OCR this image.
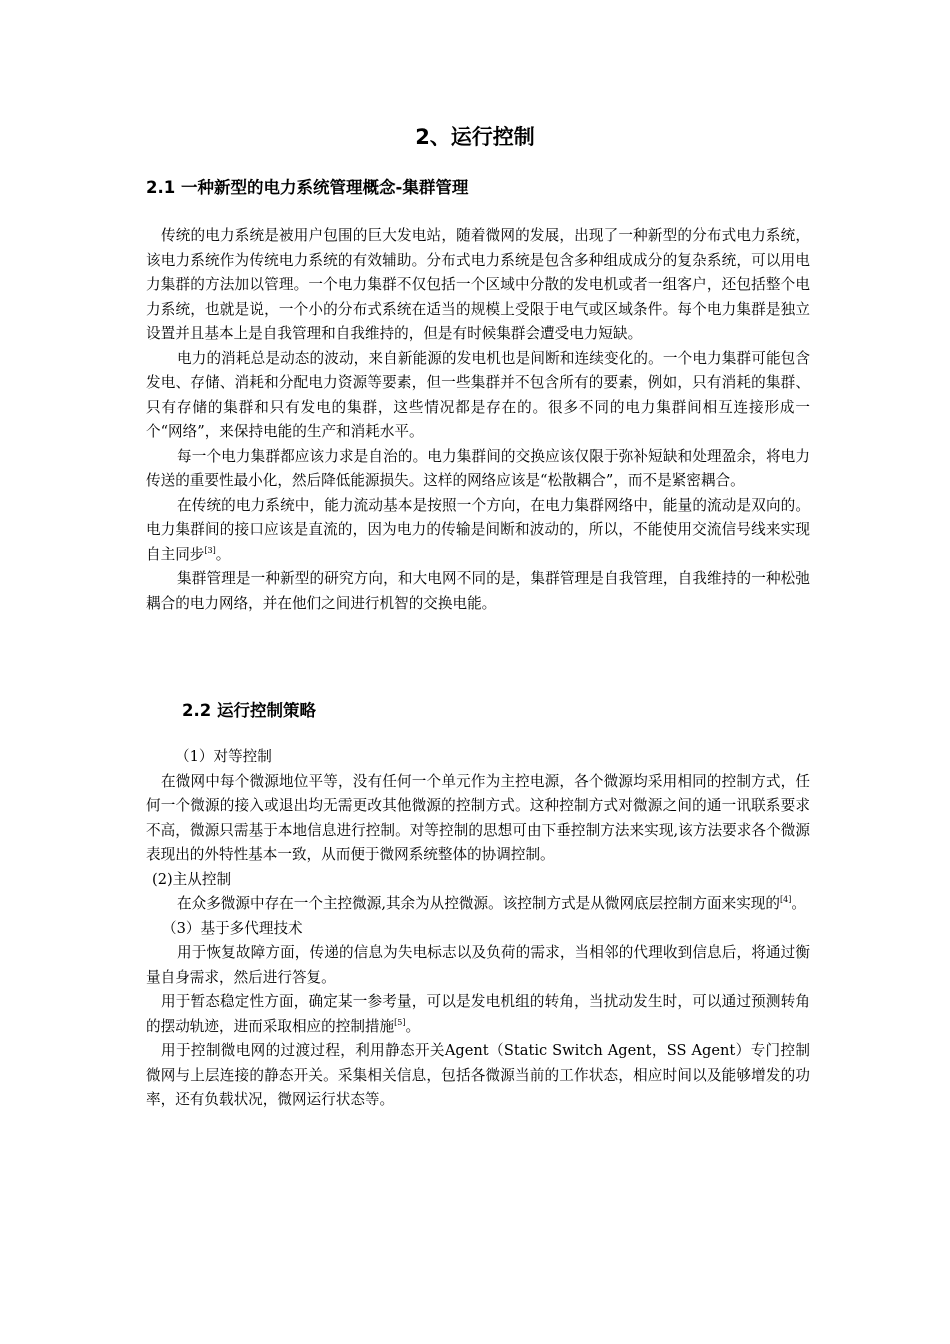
2、运行控制
2.1 一种新型的电力系统管理概念-集群管理

传统的电力系统是被用户包围的巨大发电站，随着微网的发展，出现了一种新型的分布式电力系统，该电力系统作为传统电力系统的有效辅助。分布式电力系统是包含多种组成成分的复杂系统，可以用电力集群的方法加以管理。一个电力集群不仅包括一个区域中分散的发电机或者一组客户，还包括整个电力系统，也就是说，一个小的分布式系统在适当的规模上受限于电气或区域条件。每个电力集群是独立设置并且基本上是自我管理和自我维持的，但是有时候集群会遭受电力短缺。

电力的消耗总是动态的波动，来自新能源的发电机也是间断和连续变化的。一个电力集群可能包含发电、存储、消耗和分配电力资源等要素，但一些集群并不包含所有的要素，例如，只有消耗的集群、只有存储的集群和只有发电的集群，这些情况都是存在的。很多不同的电力集群间相互连接形成一个“网络”，来保持电能的生产和消耗水平。

每一个电力集群都应该力求是自治的。电力集群间的交换应该仅限于弥补短缺和处理盈余，将电力传送的重要性最小化，然后降低能源损失。这样的网络应该是“松散耦合”，而不是紧密耦合。

在传统的电力系统中，能力流动基本是按照一个方向，在电力集群网络中，能量的流动是双向的。电力集群间的接口应该是直流的，因为电力的传输是间断和波动的，所以，不能使用交流信号线来实现自主同步[3]。

集群管理是一种新型的研究方向，和大电网不同的是，集群管理是自我管理，自我维持的一种松弛耦合的电力网络，并在他们之间进行机智的交换电能。

2.2 运行控制策略

（1）对等控制

在微网中每个微源地位平等，没有任何一个单元作为主控电源，各个微源均采用相同的控制方式，任何一个微源的接入或退出均无需更改其他微源的控制方式。这种控制方式对微源之间的通一讯联系要求不高，微源只需基于本地信息进行控制。对等控制的思想可由下垂控制方法来实现,该方法要求各个微源表现出的外特性基本一致，从而便于微网系统整体的协调控制。

(2)主从控制

在众多微源中存在一个主控微源,其余为从控微源。该控制方式是从微网底层控制方面来实现的[4]。

（3）基于多代理技术

用于恢复故障方面，传递的信息为失电标志以及负荷的需求，当相邻的代理收到信息后，将通过衡量自身需求，然后进行答复。

用于暂态稳定性方面，确定某一参考量，可以是发电机组的转角，当扰动发生时，可以通过预测转角的摆动轨迹，进而采取相应的控制措施[5]。

用于控制微电网的过渡过程，利用静态开关Agent（Static Switch Agent，SS Agent）专门控制微网与上层连接的静态开关。采集相关信息，包括各微源当前的工作状态，相应时间以及能够增发的功率，还有负载状况，微网运行状态等。
